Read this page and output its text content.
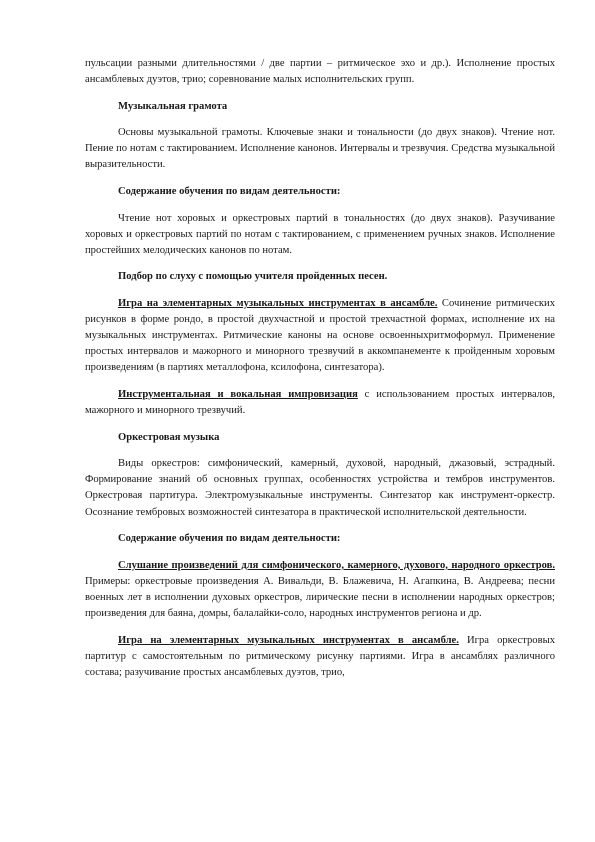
пульсации разными длительностями / две партии – ритмическое эхо и др.). Исполнение простых ансамблевых дуэтов, трио; соревнование малых исполнительских групп.

Музыкальная грамота

Основы музыкальной грамоты. Ключевые знаки и тональности (до двух знаков). Чтение нот. Пение по нотам с тактированием. Исполнение канонов. Интервалы и трезвучия. Средства музыкальной выразительности.

Содержание обучения по видам деятельности:

Чтение нот хоровых и оркестровых партий в тональностях (до двух знаков). Разучивание хоровых и оркестровых партий по нотам с тактированием, с применением ручных знаков. Исполнение простейших мелодических канонов по нотам.

Подбор по слуху с помощью учителя пройденных песен.

Игра на элементарных музыкальных инструментах в ансамбле. Сочинение ритмических рисунков в форме рондо, в простой двухчастной и простой трехчастной формах, исполнение их на музыкальных инструментах. Ритмические каноны на основе освоенныхритмоформул. Применение простых интервалов и мажорного и минорного трезвучий в аккомпанементе к пройденным хоровым произведениям (в партиях металлофона, ксилофона, синтезатора).

Инструментальная и вокальная импровизация с использованием простых интервалов, мажорного и минорного трезвучий.

Оркестровая музыка

Виды оркестров: симфонический, камерный, духовой, народный, джазовый, эстрадный. Формирование знаний об основных группах, особенностях устройства и тембров инструментов. Оркестровая партитура. Электромузыкальные инструменты. Синтезатор как инструмент-оркестр. Осознание тембровых возможностей синтезатора в практической исполнительской деятельности.

Содержание обучения по видам деятельности:

Слушание произведений для симфонического, камерного, духового, народного оркестров. Примеры: оркестровые произведения А. Вивальди, В. Блажевича, Н. Агапкина, В. Андреева; песни военных лет в исполнении духовых оркестров, лирические песни в исполнении народных оркестров; произведения для баяна, домры, балалайки-соло, народных инструментов региона и др.

Игра на элементарных музыкальных инструментах в ансамбле. Игра оркестровых партитур с самостоятельным по ритмическому рисунку партиями. Игра в ансамблях различного состава; разучивание простых ансамблевых дуэтов, трио,
